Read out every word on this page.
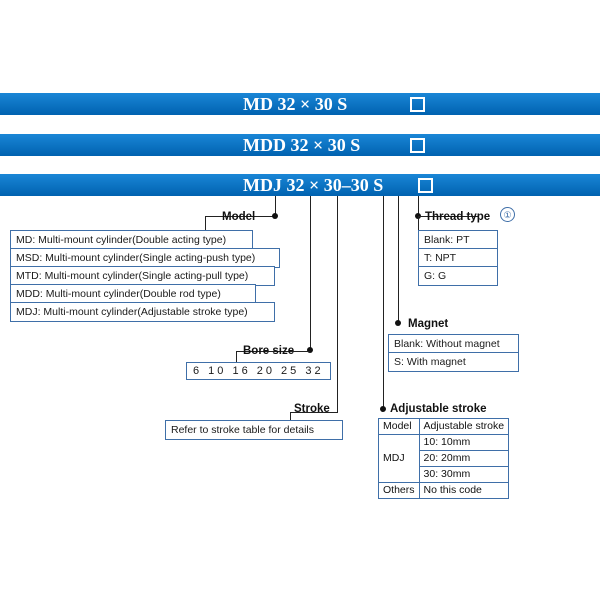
MD 32 × 30 S
MDD 32 × 30 S
MDJ 32 × 30–30 S
Model	Thread type	①
Magnet
Bore size
Stroke	Adjustable stroke
MD: Multi-mount cylinder(Double acting type)
MSD: Multi-mount cylinder(Single acting-push type)
MTD: Multi-mount cylinder(Single acting-pull type)
MDD: Multi-mount cylinder(Double rod type)
MDJ: Multi-mount cylinder(Adjustable stroke type)
6 10 16 20 25 32
Refer to stroke table for details	Model	Adjustable stroke
MDJ	10: 10mm
	20: 20mm
	30: 30mm
Others	No this code
Blank: Without magnet
S: With magnet
Blank: PT
T: NPT
G: G
